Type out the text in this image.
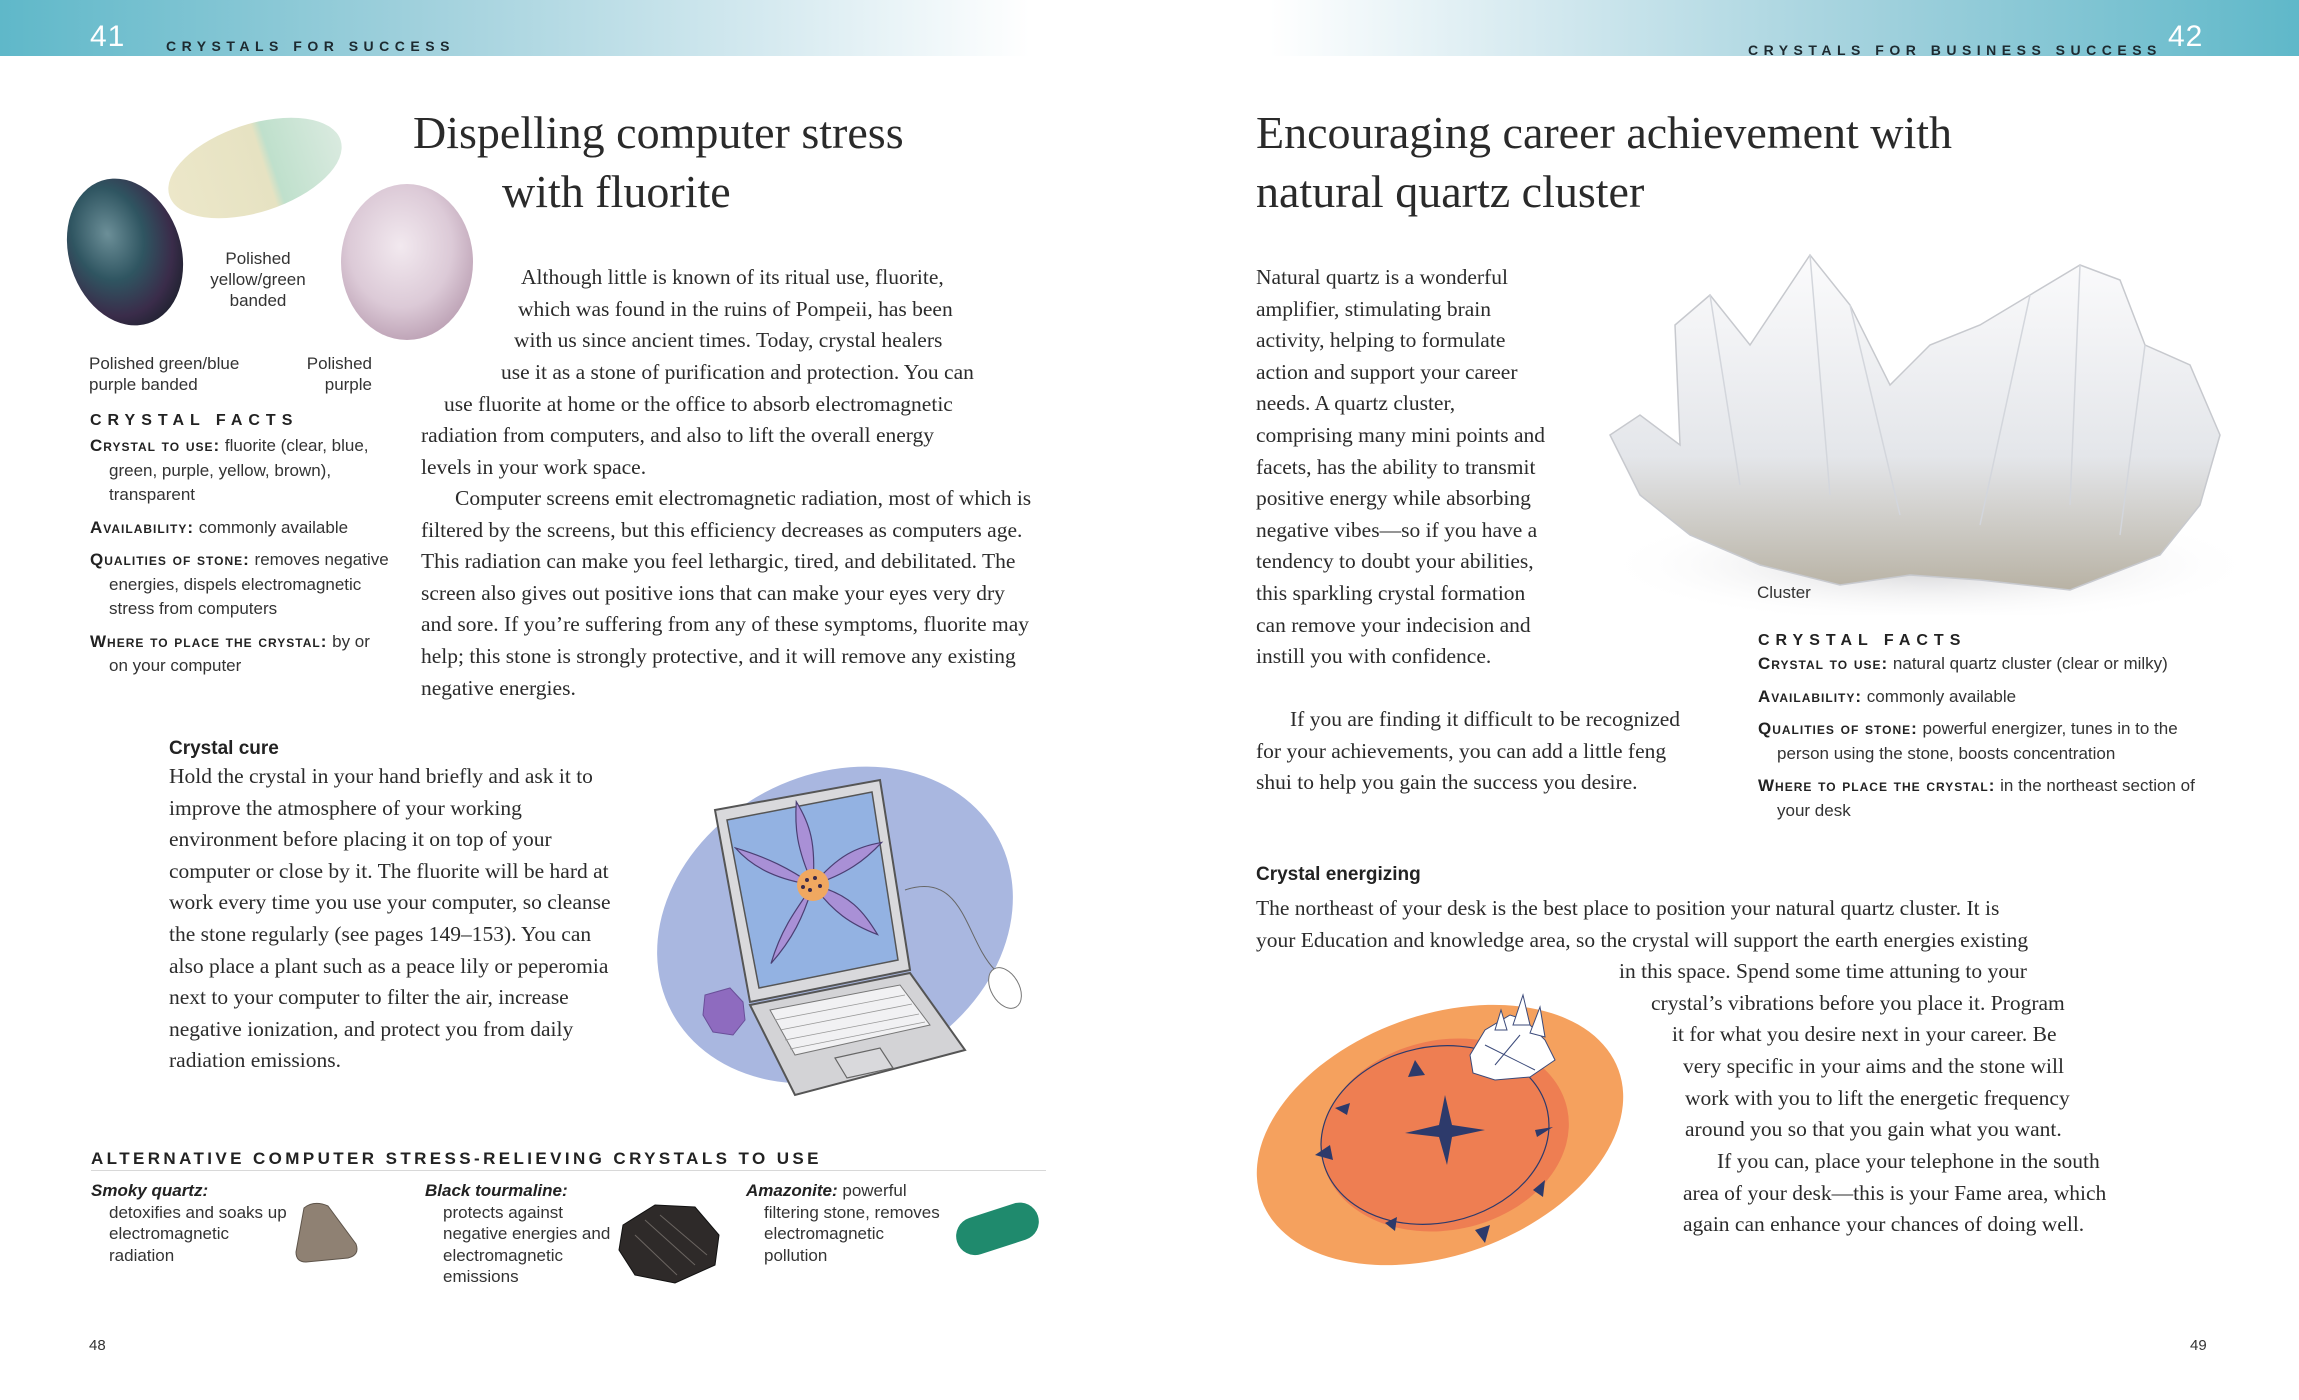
41	CRYSTALS FOR SUCCESS
Polished
yellow/green
banded
Polished green/blue
purple banded
Polished
purple
Dispelling computer stress
with fluorite
Although little is known of its ritual use, fluorite,
which was found in the ruins of Pompeii, has been
with us since ancient times. Today, crystal healers
use it as a stone of purification and protection. You can
use fluorite at home or the office to absorb electromagnetic
radiation from computers, and also to lift the overall energy
levels in your work space.

Computer screens emit electromagnetic radiation, most of which is filtered by the screens, but this efficiency decreases as computers age. This radiation can make you feel lethargic, tired, and debilitated. The screen also gives out positive ions that can make your eyes very dry and sore. If you’re suffering from any of these symptoms, fluorite may help; this stone is strongly protective, and it will remove any existing negative energies.

CRYSTAL FACTS

Crystal to use: fluorite (clear, blue, green, purple, yellow, brown), transparent

Availability: commonly available

Qualities of stone: removes negative energies, dispels electromagnetic stress from computers

Where to place the crystal: by or on your computer

Crystal cure
Hold the crystal in your hand briefly and ask it to improve the atmosphere of your working environment before placing it on top of your computer or close by it. The fluorite will be hard at work every time you use your computer, so cleanse the stone regularly (see pages 149–153). You can also place a plant such as a peace lily or peperomia next to your computer to filter the air, increase negative ionization, and protect you from daily radiation emissions.
ALTERNATIVE COMPUTER STRESS-RELIEVING CRYSTALS TO USE
Smoky quartz:
detoxifies and soaks up electromagnetic radiation
Black tourmaline:
protects against negative energies and electromagnetic emissions
Amazonite: powerful
filtering stone, removes electromagnetic pollution
48
CRYSTALS FOR BUSINESS SUCCESS 42
Encouraging career achievement with
natural quartz cluster
Natural quartz is a wonderful amplifier, stimulating brain activity, helping to formulate action and support your career needs. A quartz cluster, comprising many mini points and facets, has the ability to transmit positive energy while absorbing negative vibes—so if you have a tendency to doubt your abilities, this sparkling crystal formation can remove your indecision and instill you with confidence.

If you are finding it difficult to be recognized for your achievements, you can add a little feng shui to help you gain the success you desire.

Cluster
CRYSTAL FACTS

Crystal to use: natural quartz cluster (clear or milky)

Availability: commonly available

Qualities of stone: powerful energizer, tunes in to the person using the stone, boosts concentration

Where to place the crystal: in the northeast section of your desk

Crystal energizing
The northeast of your desk is the best place to position your natural quartz cluster. It is
your Education and knowledge area, so the crystal will support the earth energies existing
in this space. Spend some time attuning to your
crystal’s vibrations before you place it. Program
it for what you desire next in your career. Be
very specific in your aims and the stone will
work with you to lift the energetic frequency
around you so that you gain what you want.

If you can, place your telephone in the south area of your desk—this is your Fame area, which again can enhance your chances of doing well.

49
